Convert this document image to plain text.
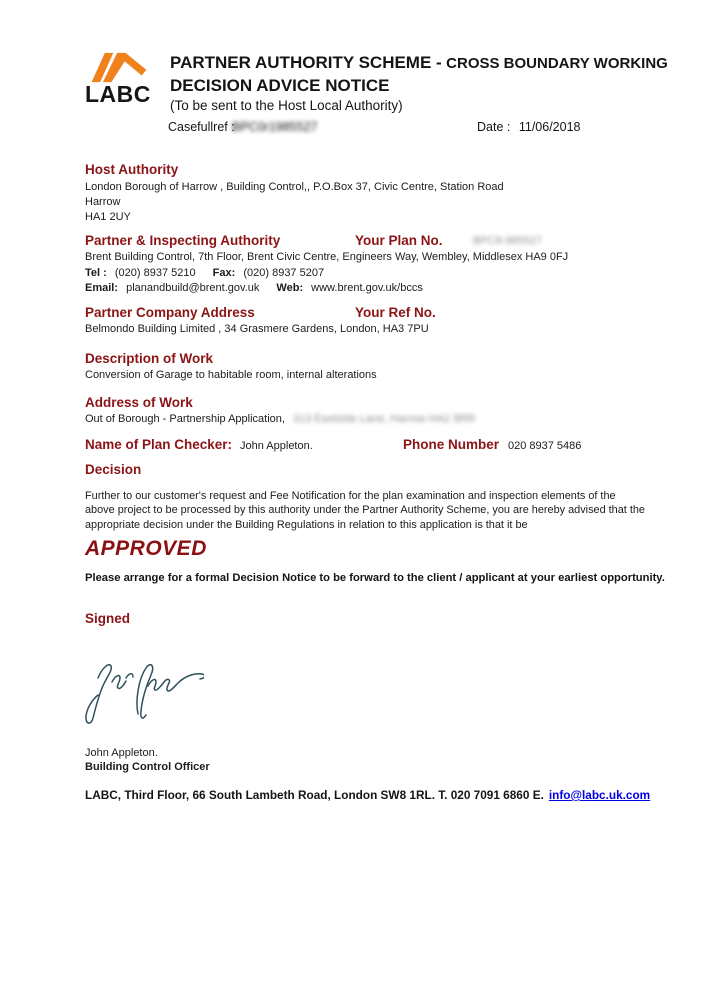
LABC
PARTNER AUTHORITY SCHEME - CROSS BOUNDARY WORKING
DECISION ADVICE NOTICE
(To be sent to the Host Local Authority)
Casefullref :
BPC0r1985527	Date : 11/06/2018
Host Authority
London Borough of Harrow , Building Control,, P.O.Box 37, Civic Centre, Station Road
Harrow
HA1 2UY
Partner & Inspecting Authority	Your Plan No.	BPC8-985527
Brent Building Control, 7th Floor, Brent Civic Centre, Engineers Way, Wembley, Middlesex HA9 0FJ
Tel : (020) 8937 5210 Fax: (020) 8937 5207
Email: planandbuild@brent.gov.uk Web: www.brent.gov.uk/bccs
Partner Company Address	Your Ref No.
Belmondo Building Limited , 34 Grasmere Gardens, London, HA3 7PU
Description of Work
Conversion of Garage to habitable room, internal alterations
Address of Work
Out of Borough - Partnership Application, 313 Eastside Lane, Harrow HA2 8RR
Name of Plan Checker: John Appleton.	Phone Number 020 8937 5486
Decision
Further to our customer's request and Fee Notification for the plan examination and inspection elements of the above project to be processed by this authority under the Partner Authority Scheme, you are hereby advised that the appropriate decision under the Building Regulations in relation to this application is that it be
APPROVED
Please arrange for a formal Decision Notice to be forward to the client / applicant at your earliest opportunity.
Signed
John Appleton.
Building Control Officer
LABC, Third Floor, 66 South Lambeth Road, London SW8 1RL. T. 020 7091 6860 E. info@labc.uk.com
